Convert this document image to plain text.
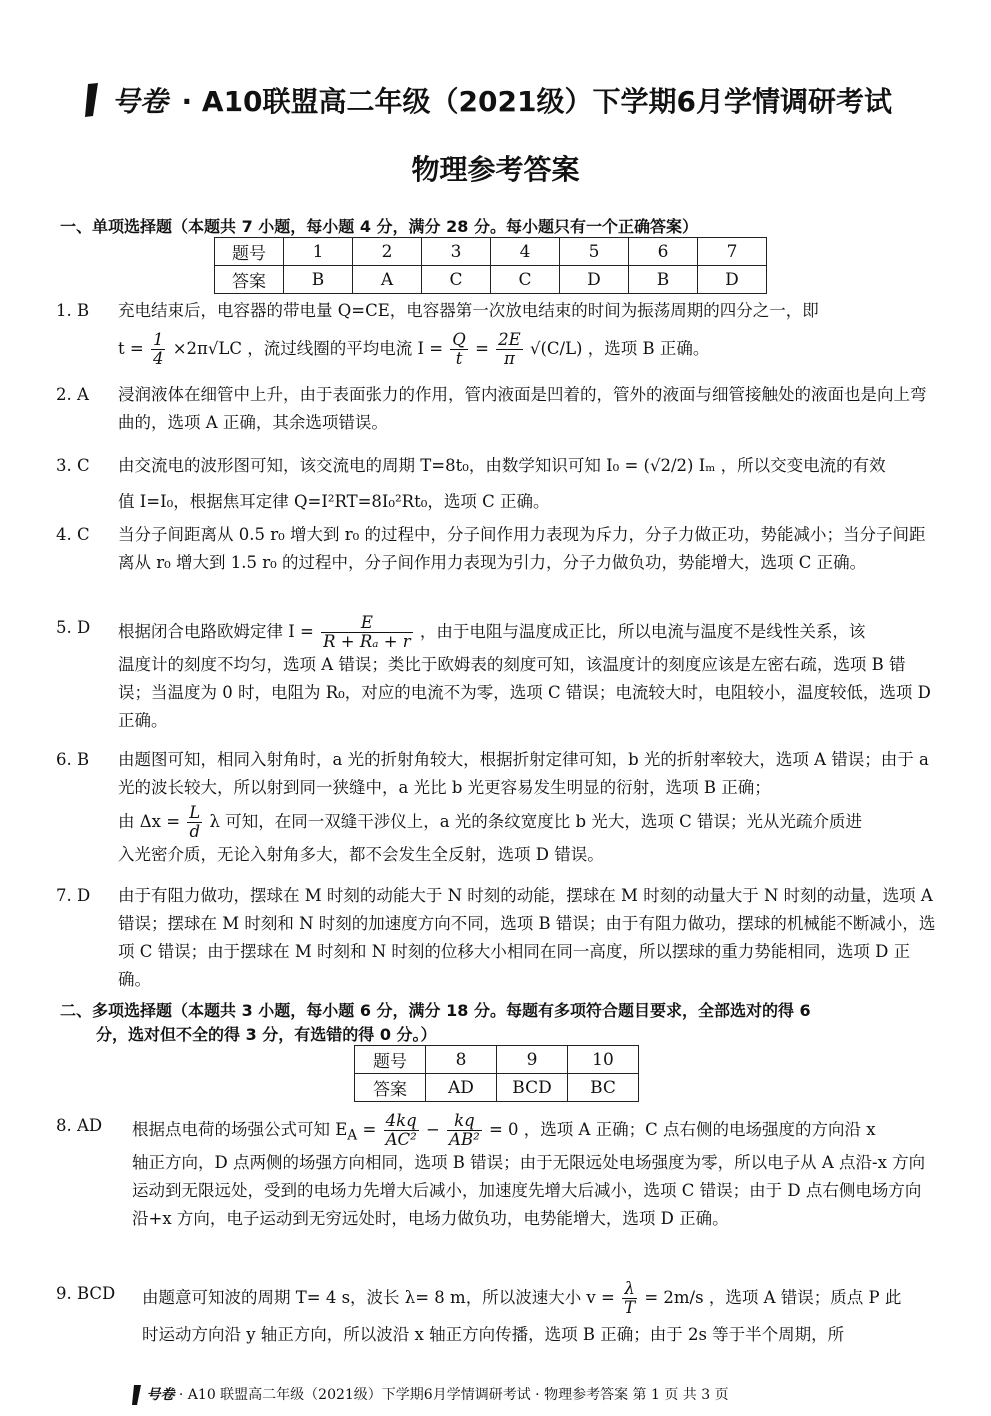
号卷 · A10联盟高二年级（2021级）下学期6月学情调研考试
物理参考答案
一、单项选择题（本题共 7 小题，每小题 4 分，满分 28 分。每小题只有一个正确答案）
题号	1	2	3	4	5	6	7
答案	B	A	C	C	D	B	D
1. B	充电结束后，电容器的带电量 Q=CE，电容器第一次放电结束的时间为振荡周期的四分之一，即
$t = \frac{1}{4} \times 2\pi√LC$ ，流过线圈的平均电流 $I = \frac{Q}{t} = \frac{2E}{\pi} √(C/L)$ ，选项 B 正确。
2. A	浸润液体在细管中上升，由于表面张力的作用，管内液面是凹着的，管外的液面与细管接触处的液面也是向上弯曲的，选项 A 正确，其余选项错误。
3. C	由交流电的波形图可知，该交流电的周期 T=8t₀，由数学知识可知 I₀ = (√2/2) Iₘ ，所以交变电流的有效
值 I=I₀，根据焦耳定律 Q=I²RT=8I₀²Rt₀，选项 C 正确。
4. C	当分子间距离从 0.5 r₀ 增大到 r₀ 的过程中，分子间作用力表现为斥力，分子力做正功，势能减小；当分子间距离从 r₀ 增大到 1.5 r₀ 的过程中，分子间作用力表现为引力，分子力做负功，势能增大，选项 C 正确。
5. D	根据闭合电路欧姆定律 $I = \frac{E}{\text{R + Rₐ + r}}$ ，由于电阻与温度成正比，所以电流与温度不是线性关系，该
温度计的刻度不均匀，选项 A 错误；类比于欧姆表的刻度可知，该温度计的刻度应该是左密右疏，选项 B 错误；当温度为 0 时，电阻为 R₀，对应的电流不为零，选项 C 错误；电流较大时，电阻较小，温度较低，选项 D 正确。
6. B	由题图可知，相同入射角时，a 光的折射角较大，根据折射定律可知，b 光的折射率较大，选项 A 错误；由于 a 光的波长较大，所以射到同一狭缝中，a 光比 b 光更容易发生明显的衍射，选项 B 正确；
由 $\Delta x = \frac{L}{d}$ λ 可知，在同一双缝干涉仪上，a 光的条纹宽度比 b 光大，选项 C 错误；光从光疏介质进
入光密介质，无论入射角多大，都不会发生全反射，选项 D 错误。
7. D	由于有阻力做功，摆球在 M 时刻的动能大于 N 时刻的动能，摆球在 M 时刻的动量大于 N 时刻的动量，选项 A 错误；摆球在 M 时刻和 N 时刻的加速度方向不同，选项 B 错误；由于有阻力做功，摆球的机械能不断减小，选项 C 错误；由于摆球在 M 时刻和 N 时刻的位移大小相同在同一高度，所以摆球的重力势能相同，选项 D 正确。
二、多项选择题（本题共 3 小题，每小题 6 分，满分 18 分。每题有多项符合题目要求，全部选对的得 6
分，选对但不全的得 3 分，有选错的得 0 分。）
题号	8	9	10
答案	AD	BCD	BC
8. AD	根据点电荷的场强公式可知 $E_A = \frac{4kq}{\text{AC²}} - \frac{kq}{\text{AB²}} = 0$ ，选项 A 正确；C 点右侧的电场强度的方向沿 x
轴正方向，D 点两侧的场强方向相同，选项 B 错误；由于无限远处电场强度为零，所以电子从 A 点沿-x 方向运动到无限远处，受到的电场力先增大后减小，加速度先增大后减小，选项 C 错误；由于 D 点右侧电场方向沿+x 方向，电子运动到无穷远处时，电场力做负功，电势能增大，选项 D 正确。
9. BCD 由题意可知波的周期 T= 4 s，波长 λ= 8 m，所以波速大小 $v = \frac{\lambda}{T} = 2m/s$ ，选项 A 错误；质点 P 此
时运动方向沿 y 轴正方向，所以波沿 x 轴正方向传播，选项 B 正确；由于 2s 等于半个周期，所
号卷 · A10 联盟高二年级（2021级）下学期6月学情调研考试 · 物理参考答案 第 1 页 共 3 页
